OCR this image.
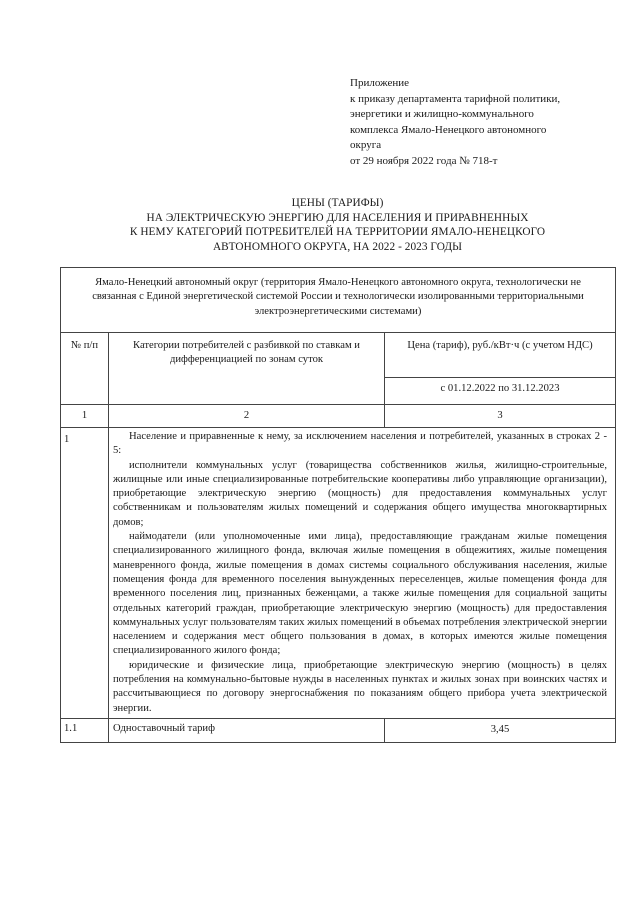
Приложение
к приказу департамента тарифной политики,
энергетики и жилищно-коммунального
комплекса Ямало-Ненецкого автономного
округа
от 29 ноября 2022 года № 718-т
ЦЕНЫ (ТАРИФЫ)
НА ЭЛЕКТРИЧЕСКУЮ ЭНЕРГИЮ ДЛЯ НАСЕЛЕНИЯ И ПРИРАВНЕННЫХ
К НЕМУ КАТЕГОРИЙ ПОТРЕБИТЕЛЕЙ НА ТЕРРИТОРИИ ЯМАЛО-НЕНЕЦКОГО
АВТОНОМНОГО ОКРУГА, НА 2022 - 2023 ГОДЫ
Ямало-Ненецкий автономный округ (территория Ямало-Ненецкого автономного округа, технологически не связанная с Единой энергетической системой России и технологически изолированными территориальными электроэнергетическими системами)		
№ п/п	Категории потребителей с разбивкой по ставкам и дифференциацией по зонам суток	Цена (тариф), руб./кВт·ч (с учетом НДС)
		с 01.12.2022 по 31.12.2023
1	2	3
1	Население и приравненные к нему, за исключением населения и потребителей, указанных в строках 2 - 5:

исполнители коммунальных услуг (товарищества собственников жилья, жилищно-строительные, жилищные или иные специализированные потребительские кооперативы либо управляющие организации), приобретающие электрическую энергию (мощность) для предоставления коммунальных услуг собственникам и пользователям жилых помещений и содержания общего имущества многоквартирных домов;

наймодатели (или уполномоченные ими лица), предоставляющие гражданам жилые помещения специализированного жилищного фонда, включая жилые помещения в общежитиях, жилые помещения маневренного фонда, жилые помещения в домах системы социального обслуживания населения, жилые помещения фонда для временного поселения вынужденных переселенцев, жилые помещения фонда для временного поселения лиц, признанных беженцами, а также жилые помещения для социальной защиты отдельных категорий граждан, приобретающие электрическую энергию (мощность) для предоставления коммунальных услуг пользователям таких жилых помещений в объемах потребления электрической энергии населением и содержания мест общего пользования в домах, в которых имеются жилые помещения специализированного жилого фонда;

юридические и физические лица, приобретающие электрическую энергию (мощность) в целях потребления на коммунально-бытовые нужды в населенных пунктах и жилых зонах при воинских частях и рассчитывающиеся по договору энергоснабжения по показаниям общего прибора учета электрической энергии.	

1.1	Одноставочный тариф	3,45
